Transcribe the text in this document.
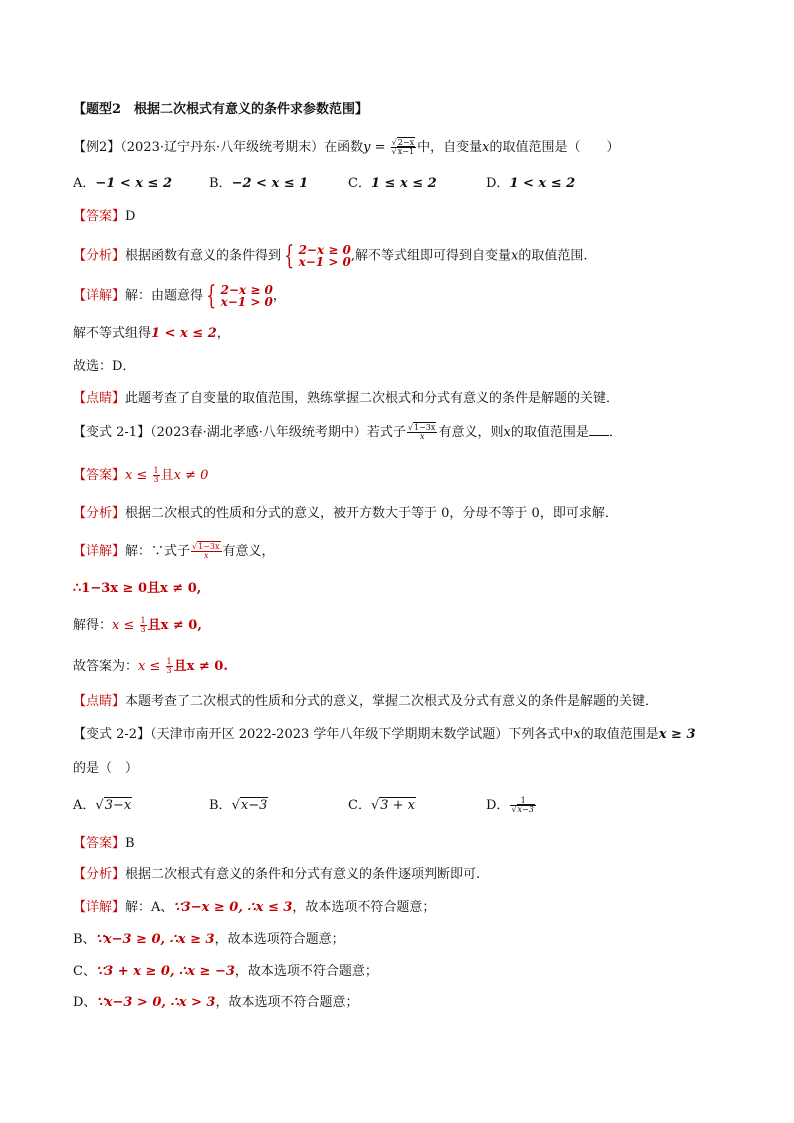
【题型2　根据二次根式有意义的条件求参数范围】
【例2】（2023·辽宁丹东·八年级统考期末）在函数$y = \frac{√2-x}{√x-1}$ 中，自变量x的取值范围是（　　）
A．−1 < x ≤ 2	B．−2 < x ≤ 1	C．1 ≤ x ≤ 2	D．1 < x ≤ 2
【答案】D
【分析】根据函数有意义的条件得到 { 2−x ≥ 0
x−1 > 0 ,解不等式组即可得到自变量x的取值范围.
【详解】解：由题意得 { 2−x ≥ 0
x−1 > 0 ，
解不等式组得1 < x ≤ 2，
故选：D．
【点睛】此题考查了自变量的取值范围，熟练掌握二次根式和分式有意义的条件是解题的关键．
【变式 2-1】（2023春·湖北孝感·八年级统考期中）若式子 $\frac{√1-3x}{x}$ 有意义，则x的取值范围是 ．
【答案】$x \le \frac{1}{3}$ 且x ≠ 0
【分析】根据二次根式的性质和分式的意义，被开方数大于等于 0，分母不等于 0，即可求解．
【详解】解：∵式子 $\frac{√1-3x}{x}$ 有意义，
∴1−3x ≥ 0且x ≠ 0,
解得：$x \le \frac{1}{3}$ 且x ≠ 0,
故答案为：$x \le \frac{1}{3}$ 且x ≠ 0.
【点睛】本题考查了二次根式的性质和分式的意义，掌握二次根式及分式有意义的条件是解题的关键．
【变式 2-2】（天津市南开区 2022-2023 学年八年级下学期期末数学试题）下列各式中x的取值范围是x ≥ 3
的是（　）
A．√3−x	B．√x−3	C．√3 + x	D． $\frac{1}{√x-3}$
【答案】B
【分析】根据二次根式有意义的条件和分式有意义的条件逐项判断即可.
【详解】解：A、∵3−x ≥ 0, ∴x ≤ 3，故本选项不符合题意；
B、∵x−3 ≥ 0, ∴x ≥ 3，故本选项符合题意；
C、∵3 + x ≥ 0, ∴x ≥ −3，故本选项不符合题意；
D、∵x−3 > 0, ∴x > 3，故本选项不符合题意；
